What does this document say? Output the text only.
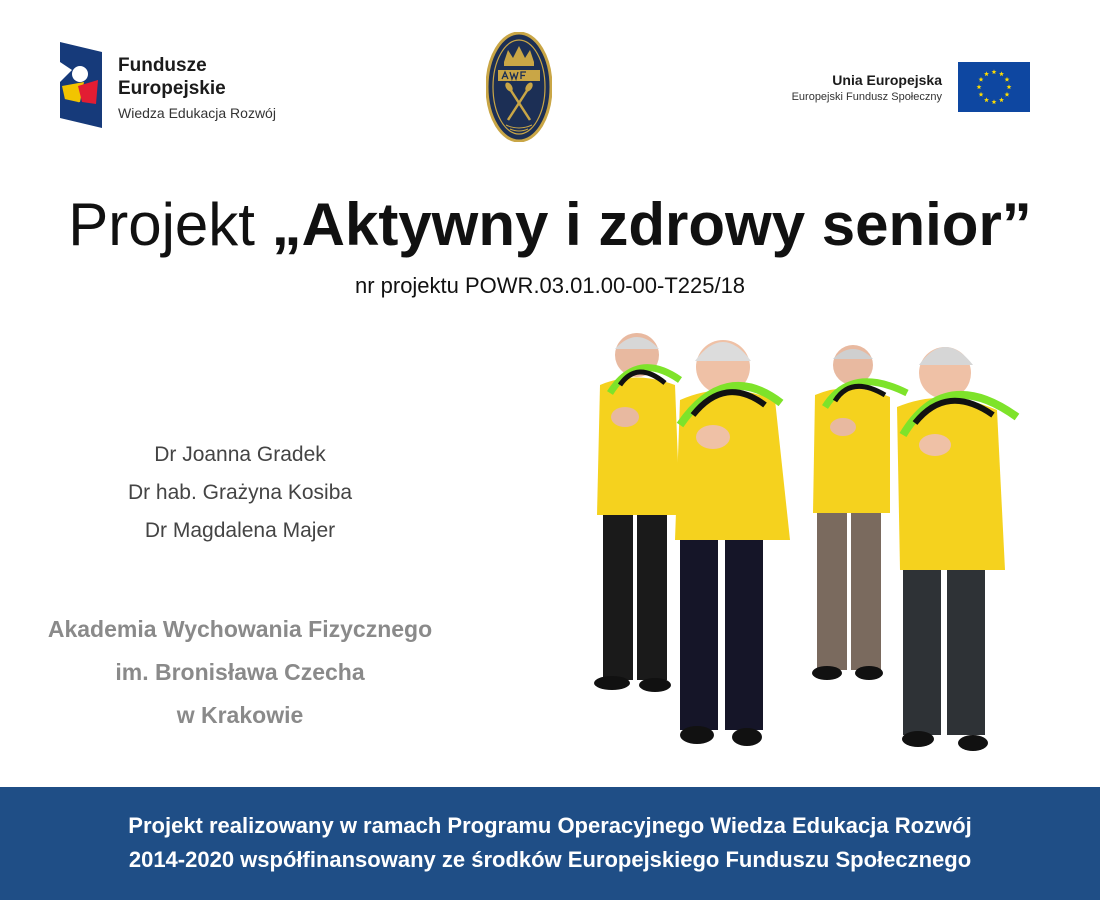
Fundusze
Europejskie
Wiedza Edukacja Rozwój
Unia Europejska
Europejski Fundusz Społeczny
Projekt „Aktywny i zdrowy senior”
nr projektu POWR.03.01.00-00-T225/18
Dr Joanna Gradek
Dr hab. Grażyna Kosiba
Dr Magdalena Majer
Akademia Wychowania Fizycznego
im. Bronisława Czecha
w Krakowie
Projekt realizowany w ramach Programu Operacyjnego Wiedza Edukacja Rozwój
2014-2020 współfinansowany ze środków Europejskiego Funduszu Społecznego
